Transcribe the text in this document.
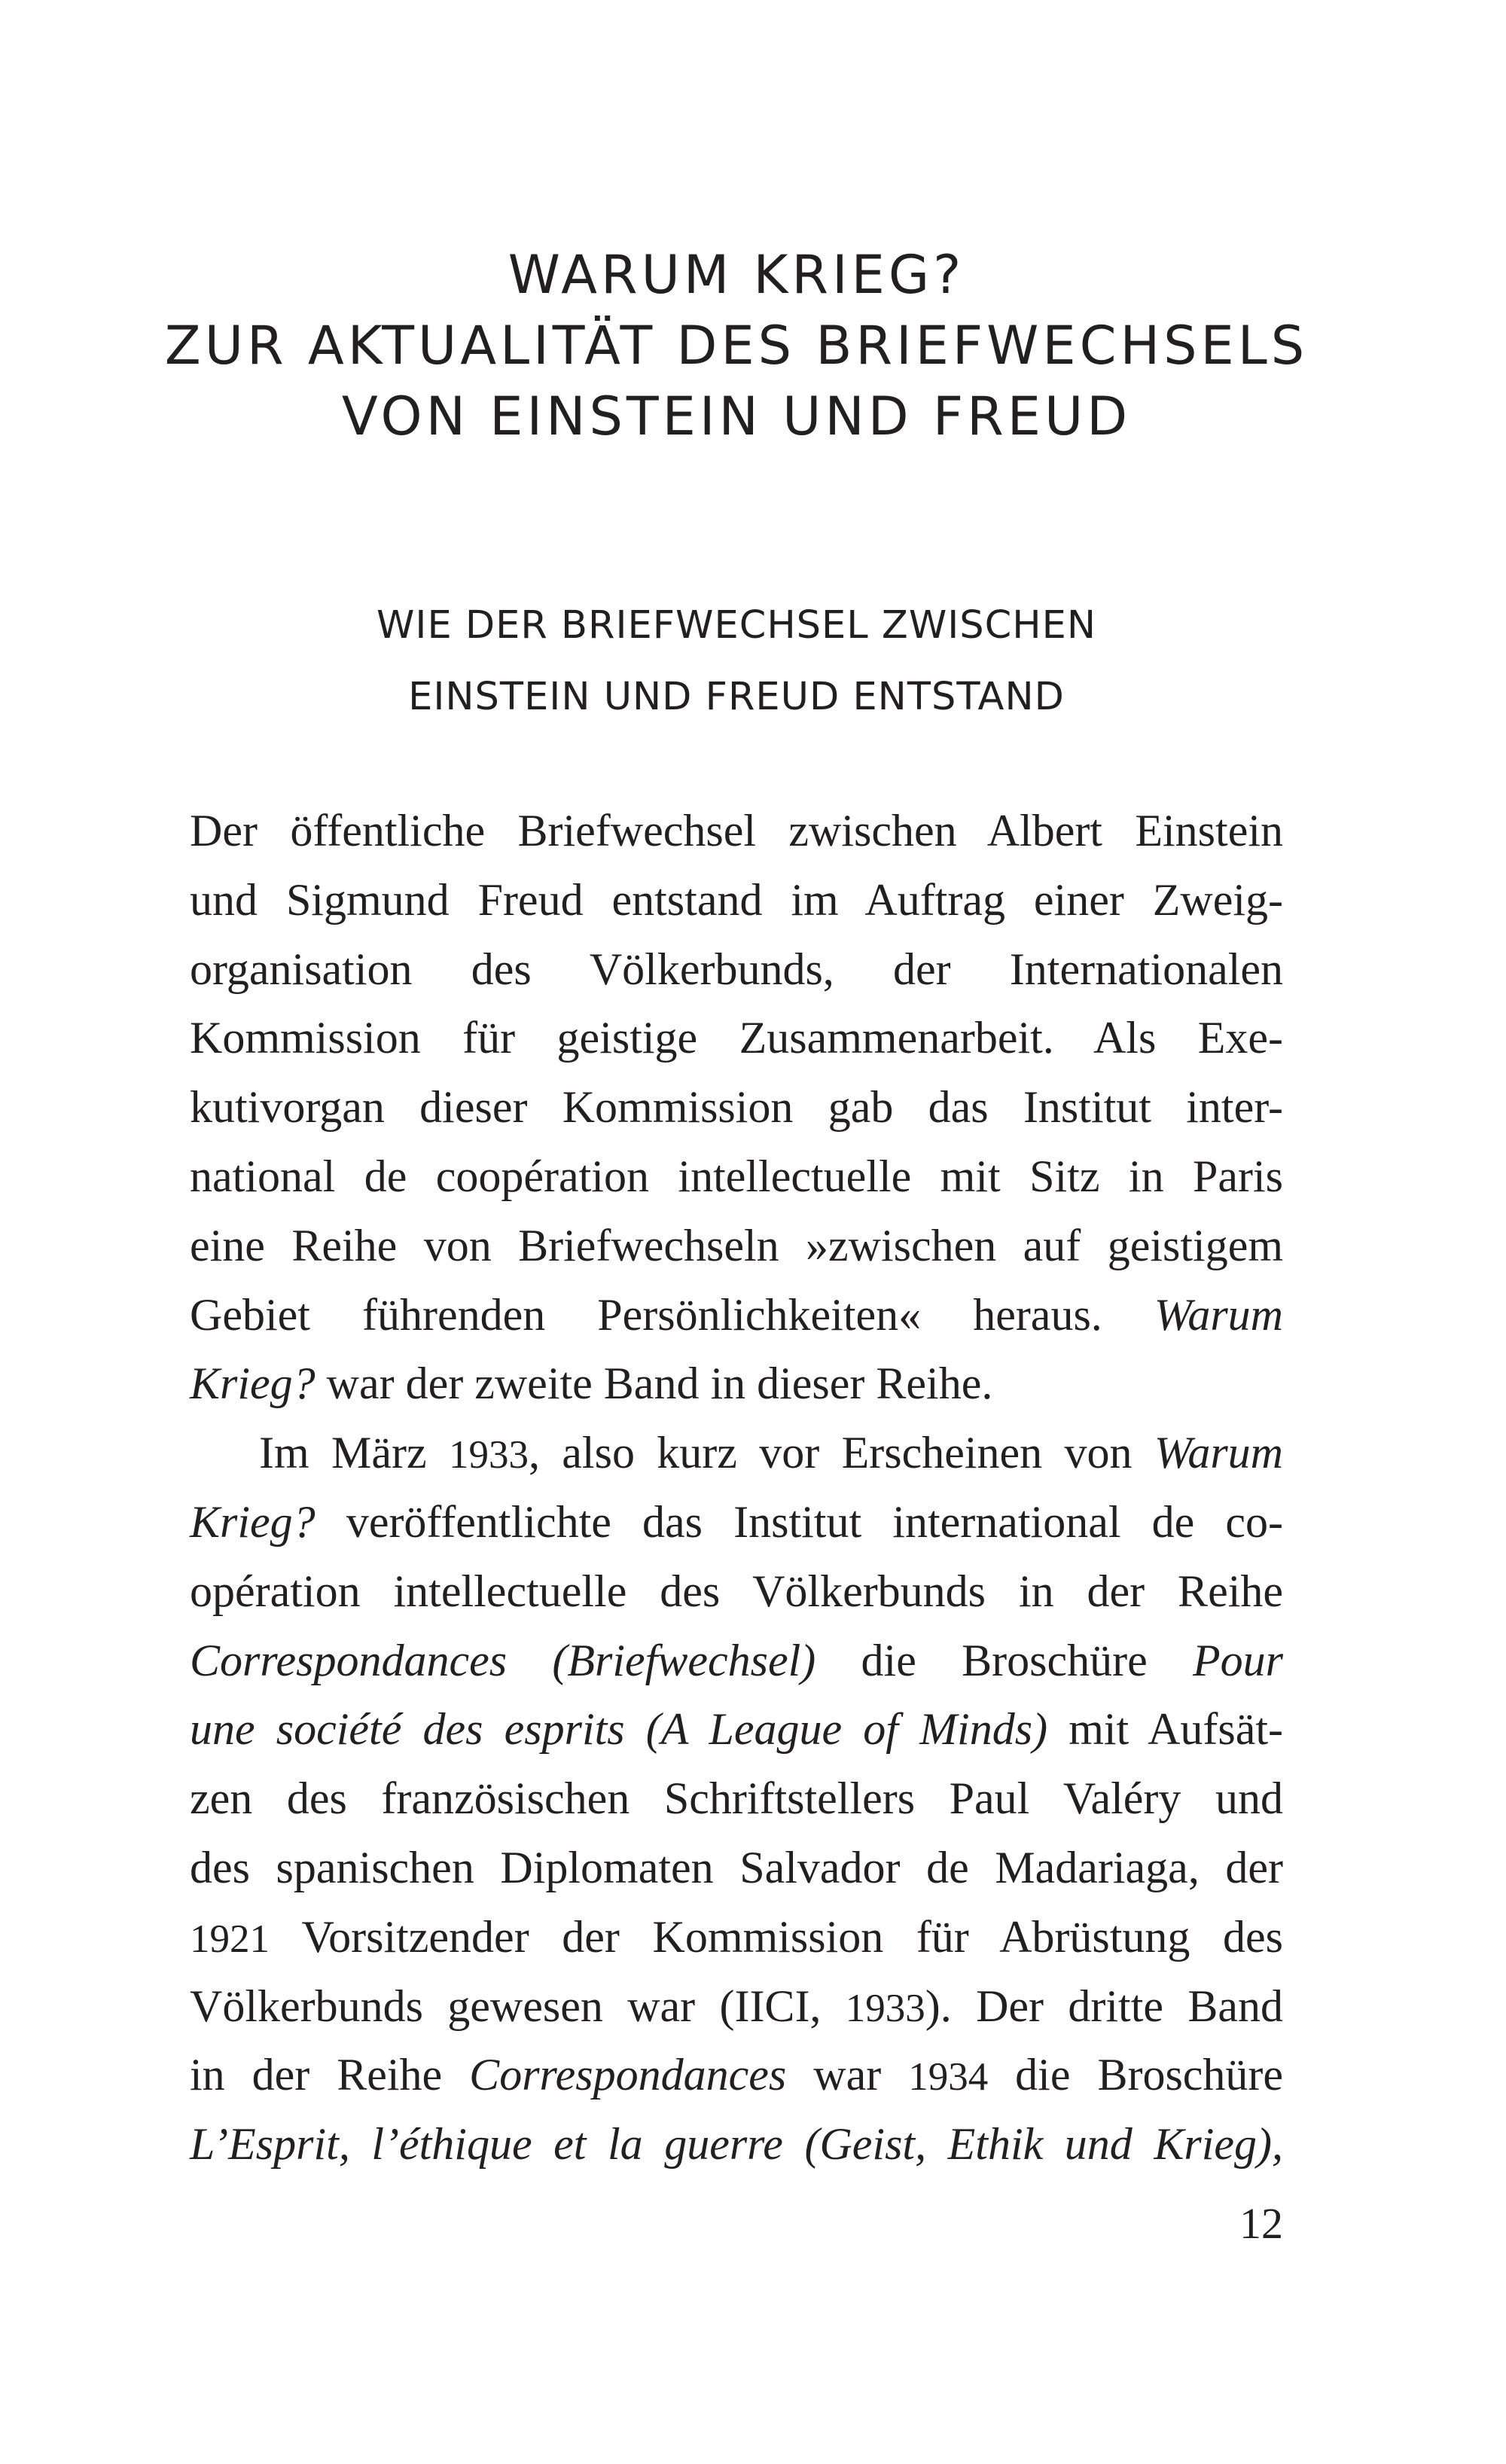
WARUM KRIEG?
ZUR AKTUALITÄT DES BRIEFWECHSELS
VON EINSTEIN UND FREUD
WIE DER BRIEFWECHSEL ZWISCHEN
EINSTEIN UND FREUD ENTSTAND
Der öffentliche Briefwechsel zwischen Albert Einstein
und Sigmund Freud entstand im Auftrag einer Zweig-
organisation des Völkerbunds, der Internationalen
Kommission für geistige Zusammenarbeit. Als Exe-
kutivorgan dieser Kommission gab das Institut inter-
national de coopération intellectuelle mit Sitz in Paris
eine Reihe von Briefwechseln »zwischen auf geistigem
Gebiet führenden Persönlichkeiten« heraus. Warum
Krieg? war der zweite Band in dieser Reihe.
Im März 1933, also kurz vor Erscheinen von Warum
Krieg? veröffentlichte das Institut international de co-
opération intellectuelle des Völkerbunds in der Reihe
Correspondances (Briefwechsel) die Broschüre Pour
une société des esprits (A League of Minds) mit Aufsät-
zen des französischen Schriftstellers Paul Valéry und
des spanischen Diplomaten Salvador de Madariaga, der
1921 Vorsitzender der Kommission für Abrüstung des
Völkerbunds gewesen war (IICI, 1933). Der dritte Band
in der Reihe Correspondances war 1934 die Broschüre
L’Esprit, l’éthique et la guerre (Geist, Ethik und Krieg),
12
